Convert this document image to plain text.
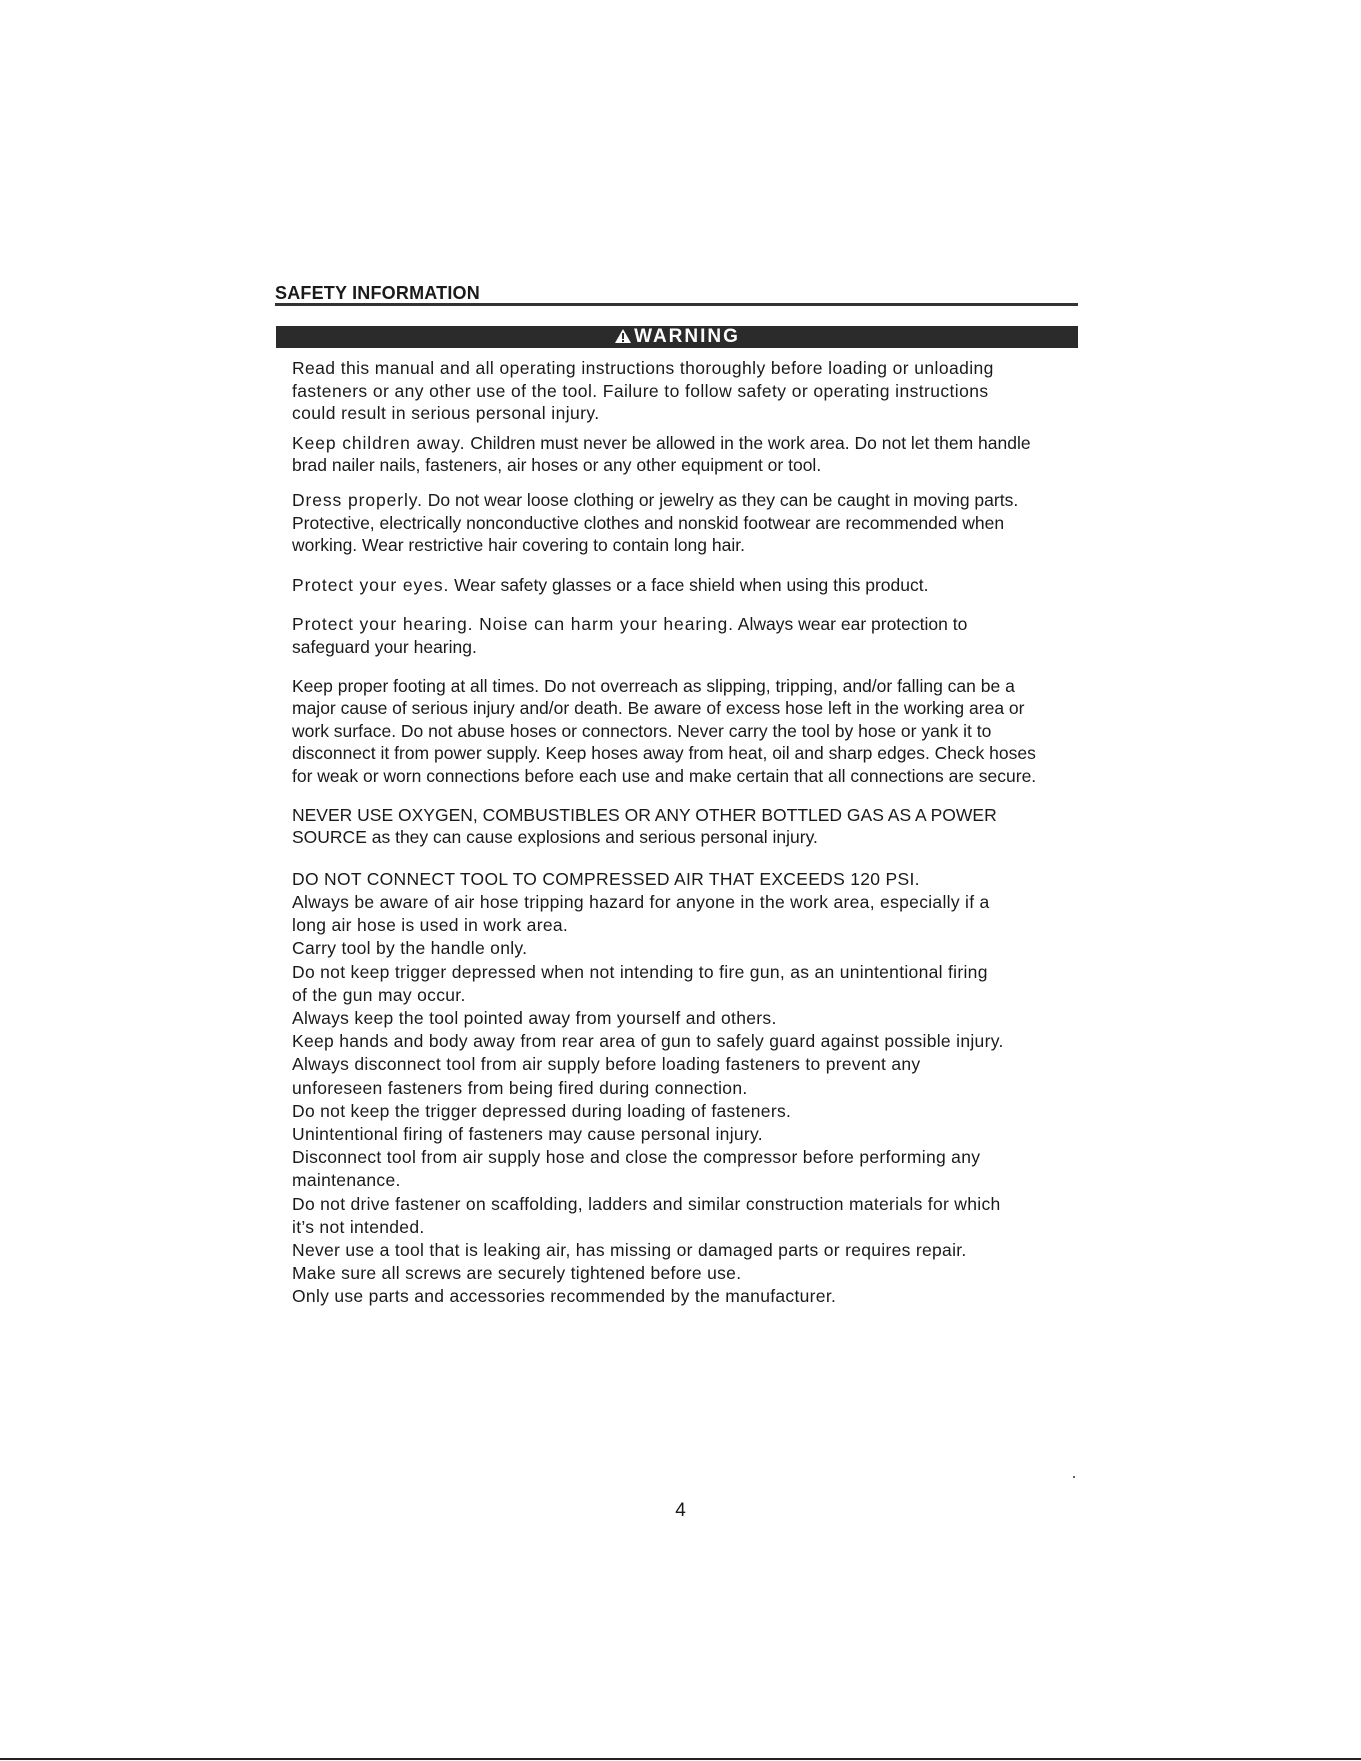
SAFETY INFORMATION
WARNING

Read this manual and all operating instructions thoroughly before loading or unloading
fasteners or any other use of the tool. Failure to follow safety or operating instructions
could result in serious personal injury.

Keep children away. Children must never be allowed in the work area. Do not let them handle
brad nailer nails, fasteners, air hoses or any other equipment or tool.

Dress properly. Do not wear loose clothing or jewelry as they can be caught in moving parts.
Protective, electrically nonconductive clothes and nonskid footwear are recommended when
working. Wear restrictive hair covering to contain long hair.

Protect your eyes. Wear safety glasses or a face shield when using this product.

Protect your hearing. Noise can harm your hearing. Always wear ear protection to
safeguard your hearing.

Keep proper footing at all times. Do not overreach as slipping, tripping, and/or falling can be a
major cause of serious injury and/or death. Be aware of excess hose left in the working area or
work surface. Do not abuse hoses or connectors. Never carry the tool by hose or yank it to
disconnect it from power supply. Keep hoses away from heat, oil and sharp edges. Check hoses
for weak or worn connections before each use and make certain that all connections are secure.

NEVER USE OXYGEN, COMBUSTIBLES OR ANY OTHER BOTTLED GAS AS A POWER
SOURCE as they can cause explosions and serious personal injury.

DO NOT CONNECT TOOL TO COMPRESSED AIR THAT EXCEEDS 120 PSI.

Always be aware of air hose tripping hazard for anyone in the work area, especially if a
long air hose is used in work area.

Carry tool by the handle only.

Do not keep trigger depressed when not intending to fire gun, as an unintentional firing
of the gun may occur.

Always keep the tool pointed away from yourself and others.

Keep hands and body away from rear area of gun to safely guard against possible injury.

Always disconnect tool from air supply before loading fasteners to prevent any
unforeseen fasteners from being fired during connection.

Do not keep the trigger depressed during loading of fasteners.

Unintentional firing of fasteners may cause personal injury.

Disconnect tool from air supply hose and close the compressor before performing any
maintenance.

Do not drive fastener on scaffolding, ladders and similar construction materials for which
it’s not intended.

Never use a tool that is leaking air, has missing or damaged parts or requires repair.

Make sure all screws are securely tightened before use.

Only use parts and accessories recommended by the manufacturer.

4
